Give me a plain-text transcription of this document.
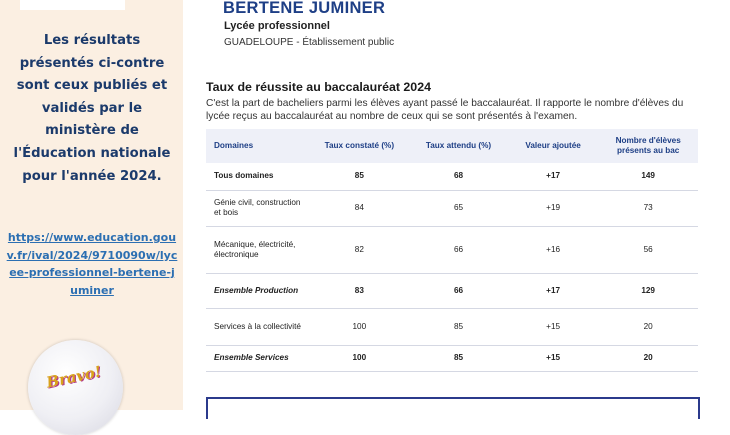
Les résultats présentés ci-contre sont ceux publiés et validés par le ministère de l'Éducation nationale pour l'année 2024.
https://www.education.gouv.fr/ival/2024/9710090w/lycee-professionnel-bertene-juminer
Bravo!
BERTENE JUMINER
Lycée professionnel
GUADELOUPE - Établissement public
Taux de réussite au baccalauréat 2024
C'est la part de bacheliers parmi les élèves ayant passé le baccalauréat. Il rapporte le nombre d'élèves du lycée reçus au baccalauréat au nombre de ceux qui se sont présentés à l'examen.
Domaines	Taux constaté (%)	Taux attendu (%)	Valeur ajoutée	Nombre d'élèves présents au bac
Tous domaines	85	68	+17	149
Génie civil, construction et bois	84	65	+19	73
Mécanique, électricité, électronique	82	66	+16	56
Ensemble Production	83	66	+17	129
Services à la collectivité	100	85	+15	20
Ensemble Services	100	85	+15	20
